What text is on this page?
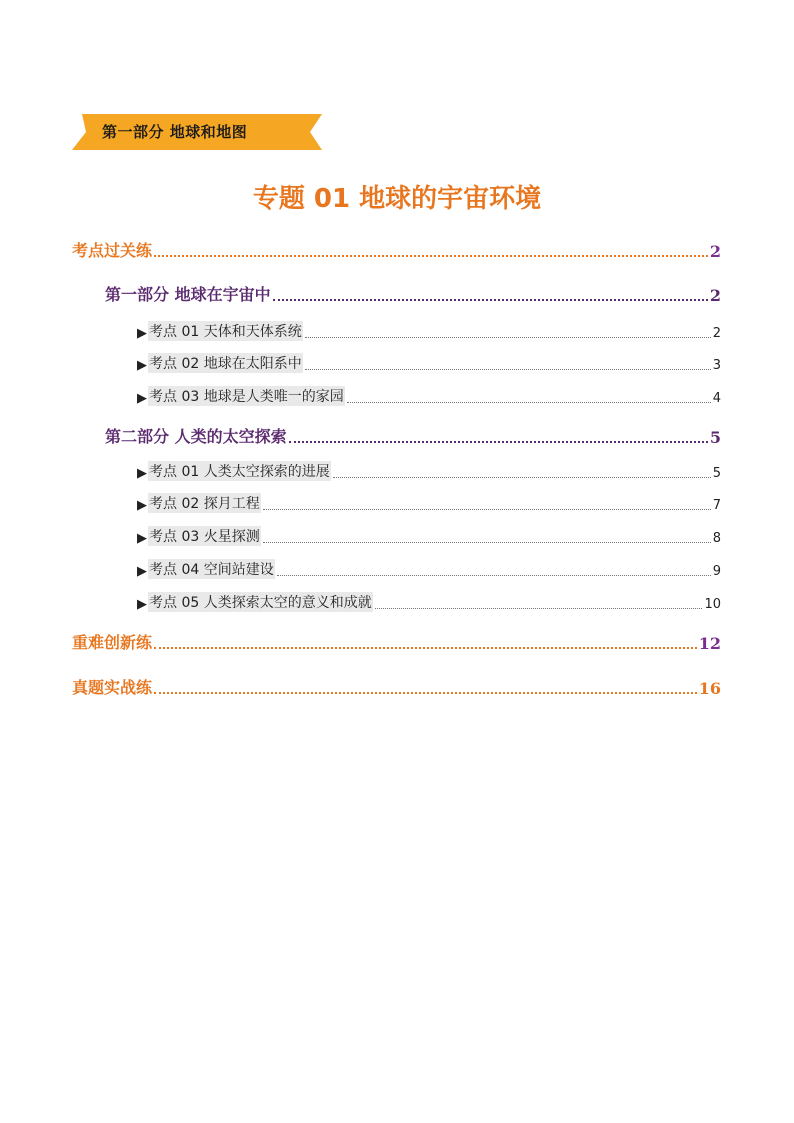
第一部分 地球和地图
专题 01 地球的宇宙环境
考点过关练	2
第一部分 地球在宇宙中	2
▶ 考点 01 天体和天体系统	2
▶ 考点 02 地球在太阳系中	3
▶ 考点 03 地球是人类唯一的家园	4
第二部分 人类的太空探索	5
▶ 考点 01 人类太空探索的进展	5
▶ 考点 02 探月工程	7
▶ 考点 03 火星探测	8
▶ 考点 04 空间站建设	9
▶ 考点 05 人类探索太空的意义和成就	10
重难创新练	12
真题实战练	16
